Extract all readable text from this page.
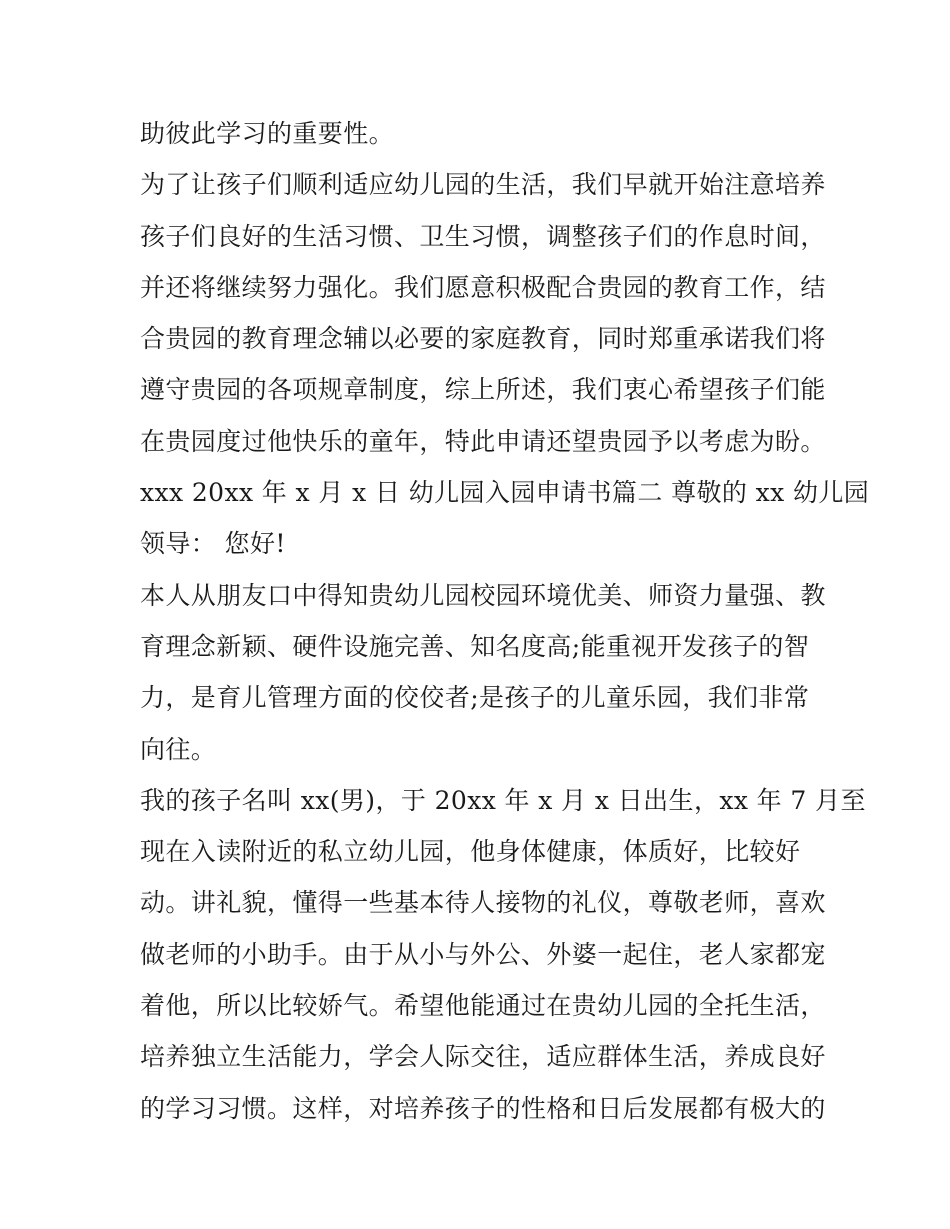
助彼此学习的重要性。
为了让孩子们顺利适应幼儿园的生活，我们早就开始注意培养
孩子们良好的生活习惯、卫生习惯，调整孩子们的作息时间，
并还将继续努力强化。我们愿意积极配合贵园的教育工作，结
合贵园的教育理念辅以必要的家庭教育，同时郑重承诺我们将
遵守贵园的各项规章制度，综上所述，我们衷心希望孩子们能
在贵园度过他快乐的童年，特此申请还望贵园予以考虑为盼。
xxx 20xx 年 x 月 x 日 幼儿园入园申请书篇二 尊敬的 xx 幼儿园
领导： 您好!
本人从朋友口中得知贵幼儿园校园环境优美、师资力量强、教
育理念新颖、硬件设施完善、知名度高;能重视开发孩子的智
力，是育儿管理方面的佼佼者;是孩子的儿童乐园，我们非常
向往。
我的孩子名叫 xx(男)，于 20xx 年 x 月 x 日出生，xx 年 7 月至
现在入读附近的私立幼儿园，他身体健康，体质好，比较好
动。讲礼貌，懂得一些基本待人接物的礼仪，尊敬老师，喜欢
做老师的小助手。由于从小与外公、外婆一起住，老人家都宠
着他，所以比较娇气。希望他能通过在贵幼儿园的全托生活，
培养独立生活能力，学会人际交往，适应群体生活，养成良好
的学习习惯。这样，对培养孩子的性格和日后发展都有极大的
